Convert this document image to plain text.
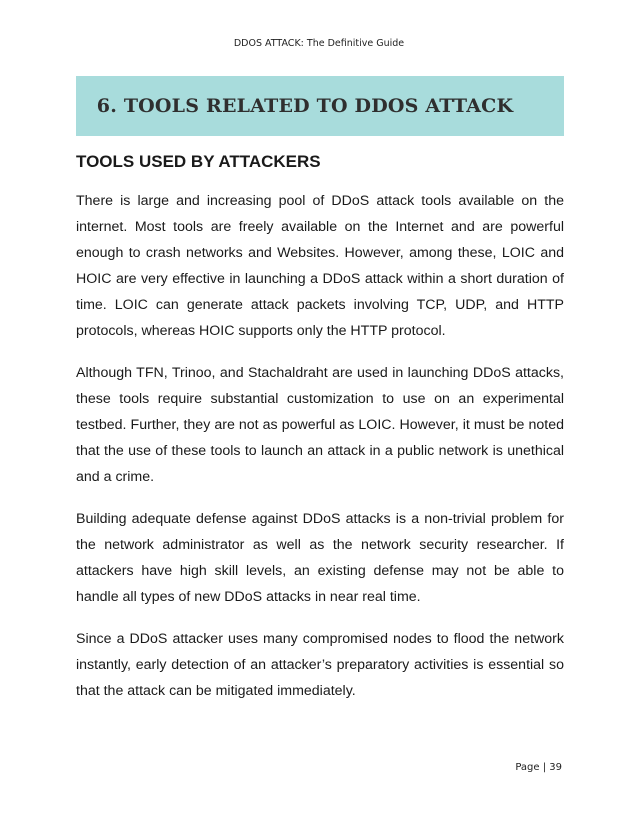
DDOS ATTACK: The Definitive Guide
6. TOOLS RELATED TO DDOS ATTACK
TOOLS USED BY ATTACKERS

There is large and increasing pool of DDoS attack tools available on the internet. Most tools are freely available on the Internet and are powerful enough to crash networks and Websites. However, among these, LOIC and HOIC are very effective in launching a DDoS attack within a short duration of time. LOIC can generate attack packets involving TCP, UDP, and HTTP protocols, whereas HOIC supports only the HTTP protocol.

Although TFN, Trinoo, and Stachaldraht are used in launching DDoS attacks, these tools require substantial customization to use on an experimental testbed. Further, they are not as powerful as LOIC. However, it must be noted that the use of these tools to launch an attack in a public network is unethical and a crime.

Building adequate defense against DDoS attacks is a non-trivial problem for the network administrator as well as the network security researcher. If attackers have high skill levels, an existing defense may not be able to handle all types of new DDoS attacks in near real time.

Since a DDoS attacker uses many compromised nodes to flood the network instantly, early detection of an attacker’s preparatory activities is essential so that the attack can be mitigated immediately.

Page | 39
